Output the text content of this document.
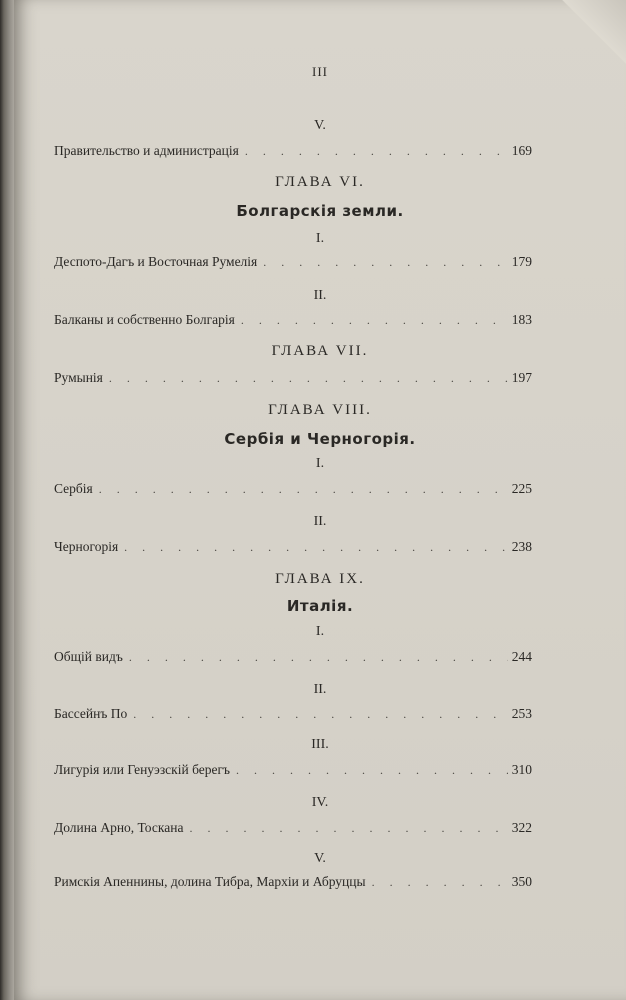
III
V.
Правительство и администрація . . .	169
ГЛАВА VI.
Болгарскія земли.
I.
Деспото-Дагъ и Восточная Румелія . . .	179
II.
Балканы и собственно Болгарія . . .	183
ГЛАВА VII.
Румынія . . .	197
ГЛАВА VIII.
Сербія и Черногорія.
I.
Сербія . . .	225
II.
Черногорія . . .	238
ГЛАВА IX.
Италія.
I.
Общій видъ . . .	244
II.
Бассейнъ По . . .	253
III.
Лигурія или Генуэзскій берегъ . . .	310
IV.
Долина Арно, Тоскана . . .	322
V.
Римскія Апеннины, долина Тибра, Мархіи и Абруццы . . .	350
